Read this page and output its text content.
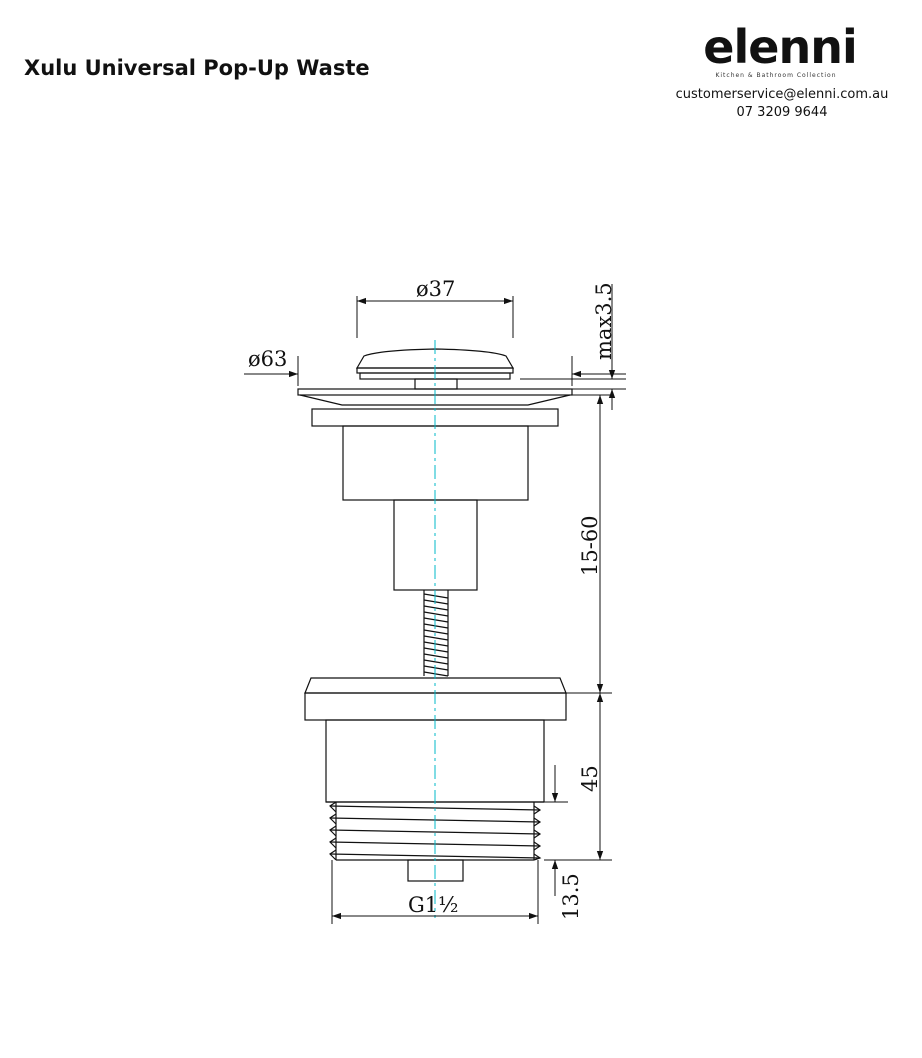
Xulu Universal Pop-Up Waste	elenni
Kitchen & Bathroom Collection
customerservice@elenni.com.au
07 3209 9644
ø37
ø63	max3.5
15-60
45
13.5
G1½
